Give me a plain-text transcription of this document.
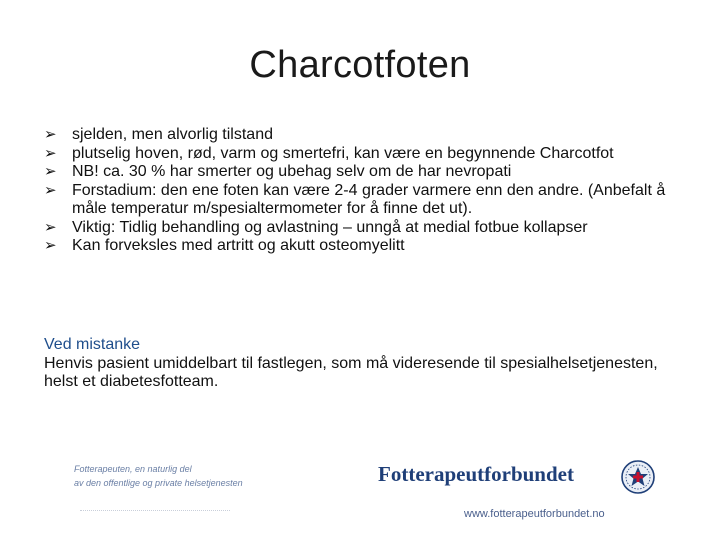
Charcotfoten
➢ sjelden, men alvorlig tilstand
➢ plutselig hoven, rød, varm og smertefri, kan være en begynnende Charcotfot
➢ NB! ca. 30 % har smerter og ubehag selv om de har nevropati
➢ Forstadium: den ene foten kan være 2-4 grader varmere enn den andre. (Anbefalt å måle temperatur m/spesialtermometer for å finne det ut).
➢ Viktig: Tidlig behandling og avlastning – unngå at medial fotbue kollapser
➢ Kan forveksles med artritt og akutt osteomyelitt
Ved mistanke
Henvis pasient umiddelbart til fastlegen, som må videresende til spesialhelsetjenesten, helst et diabetesfotteam.
Fotterapeuten, en naturlig del
av den offentlige og private helsetjenesten	Fotterapeutforbundet
www.fotterapeutforbundet.no
